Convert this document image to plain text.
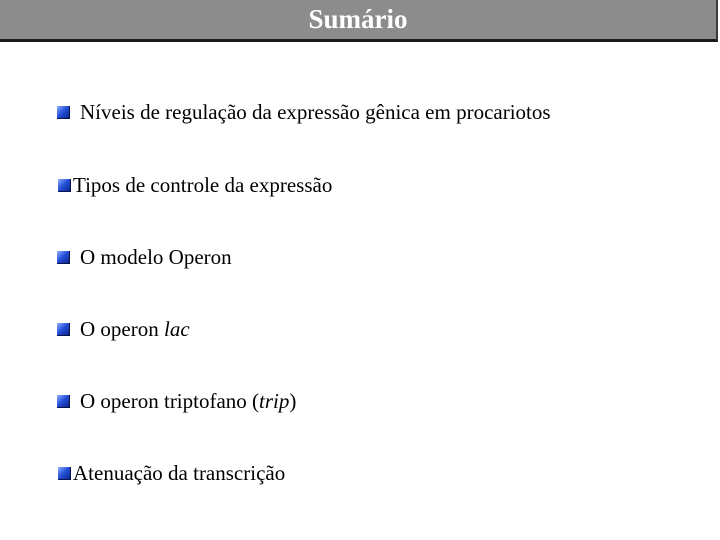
Sumário
Níveis de regulação da expressão gênica em procariotos
Tipos de controle da expressão
O modelo Operon
O operon lac
O operon triptofano (trip)
Atenuação da transcrição
